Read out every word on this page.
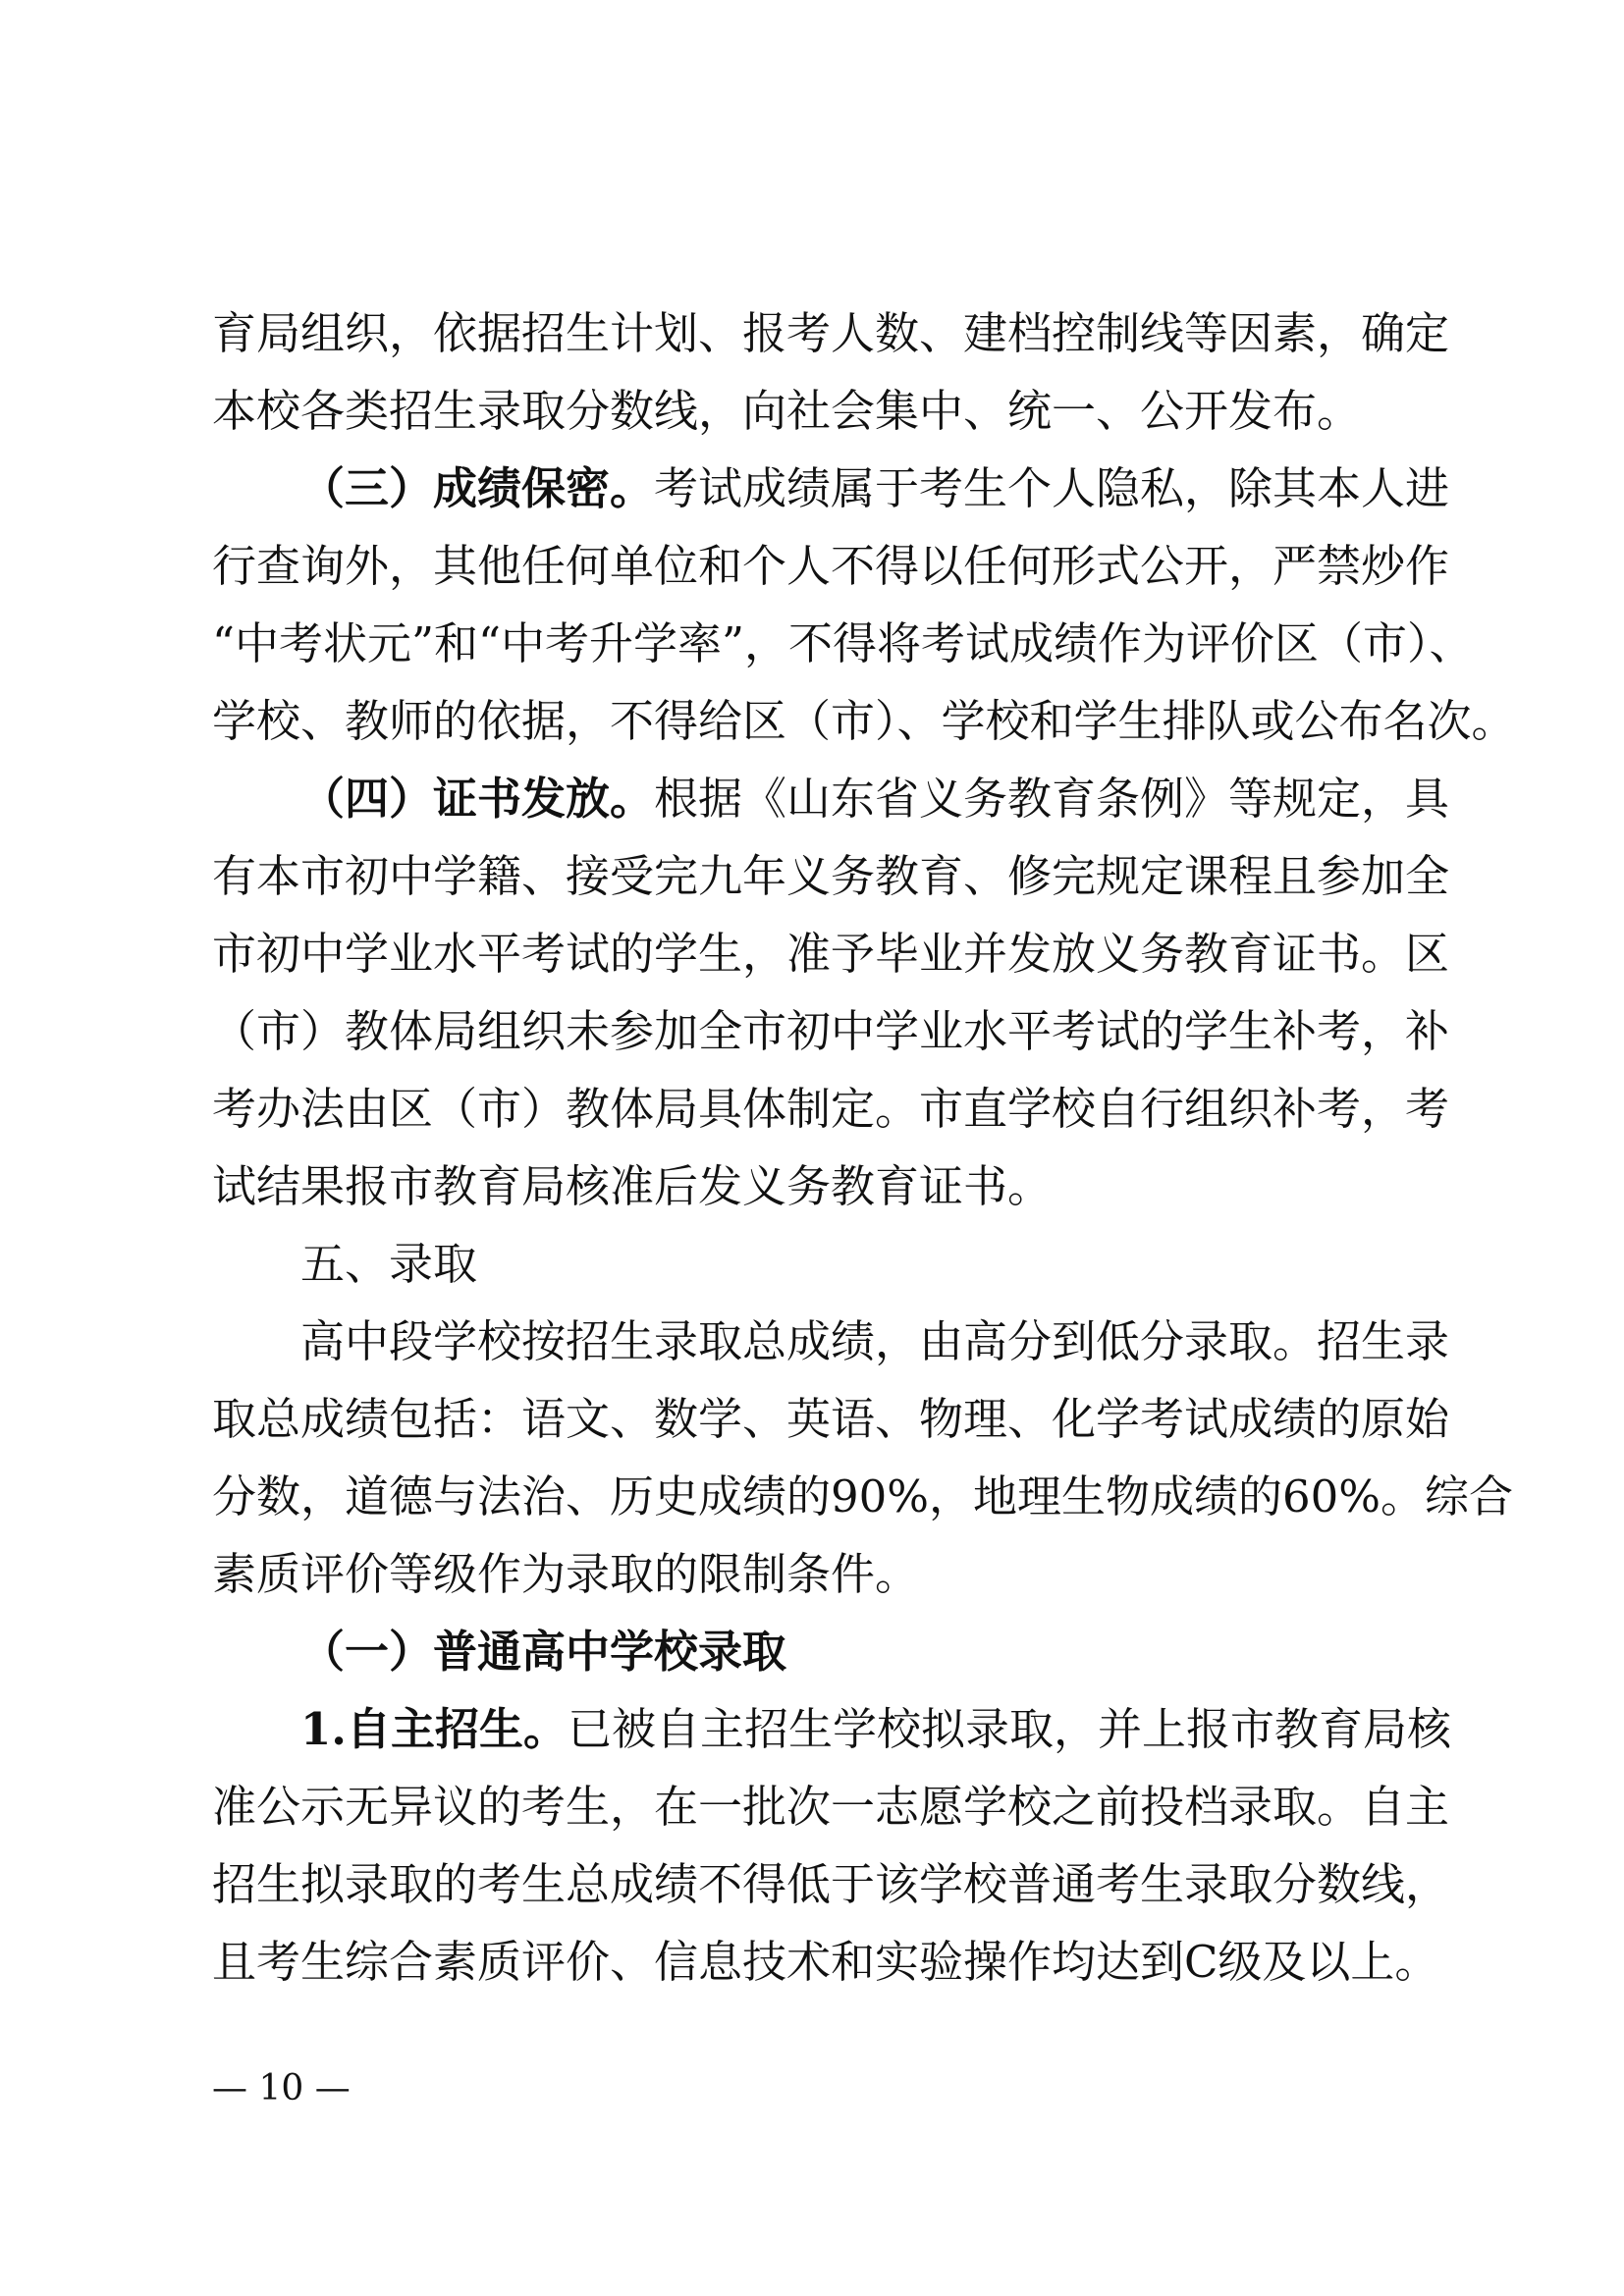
育局组织，依据招生计划、报考人数、建档控制线等因素，确定
本校各类招生录取分数线，向社会集中、统一、公开发布。
（三）成绩保密。考试成绩属于考生个人隐私，除其本人进
行查询外，其他任何单位和个人不得以任何形式公开，严禁炒作
“中考状元”和“中考升学率”，不得将考试成绩作为评价区（市）、
学校、教师的依据，不得给区（市）、学校和学生排队或公布名次。
（四）证书发放。根据《山东省义务教育条例》等规定，具
有本市初中学籍、接受完九年义务教育、修完规定课程且参加全
市初中学业水平考试的学生，准予毕业并发放义务教育证书。区
（市）教体局组织未参加全市初中学业水平考试的学生补考，补
考办法由区（市）教体局具体制定。市直学校自行组织补考，考
试结果报市教育局核准后发义务教育证书。
五、录取
高中段学校按招生录取总成绩，由高分到低分录取。招生录
取总成绩包括：语文、数学、英语、物理、化学考试成绩的原始
分数，道德与法治、历史成绩的90%，地理生物成绩的60%。综合
素质评价等级作为录取的限制条件。
（一）普通高中学校录取
1.自主招生。已被自主招生学校拟录取，并上报市教育局核
准公示无异议的考生，在一批次一志愿学校之前投档录取。自主
招生拟录取的考生总成绩不得低于该学校普通考生录取分数线，
且考生综合素质评价、信息技术和实验操作均达到C级及以上。
— 10 —
